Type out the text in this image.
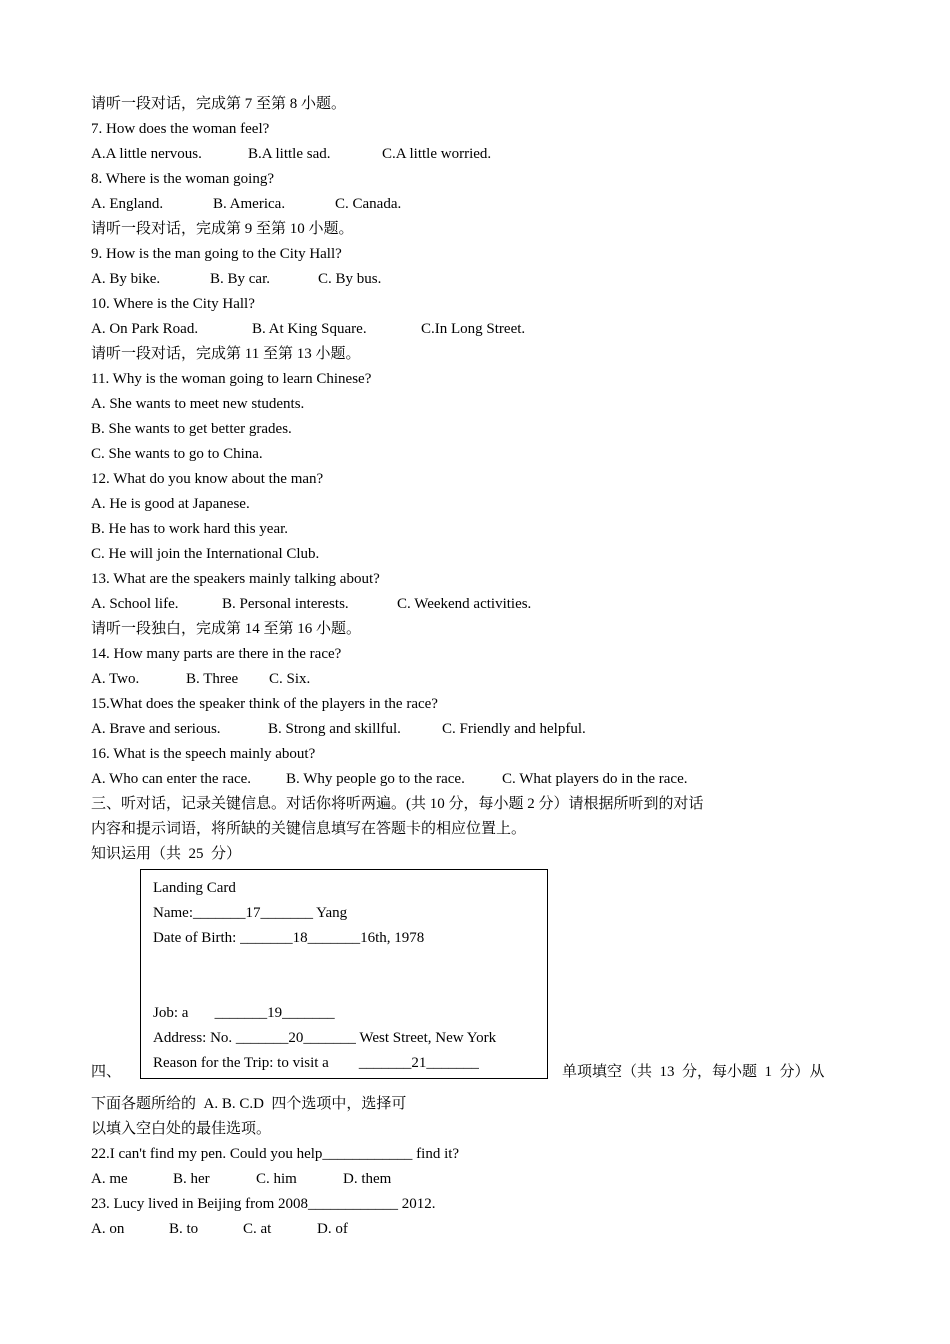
请听一段对话，完成第 7 至第 8 小题。
7. How does the woman feel?
A.A little nervous.	B.A little sad.	C.A little worried.
8. Where is the woman going?
A. England.	B. America.	C. Canada.
请听一段对话，完成第 9 至第 10 小题。
9. How is the man going to the City Hall?
A. By bike.	B. By car.	C. By bus.
10. Where is the City Hall?
A. On Park Road.	B. At King Square.	C.In Long Street.
请听一段对话，完成第 11 至第 13 小题。
11. Why is the woman going to learn Chinese?
A. She wants to meet new students.
B. She wants to get better grades.
C. She wants to go to China.
12. What do you know about the man?
A. He is good at Japanese.
B. He has to work hard this year.
C. He will join the International Club.
13. What are the speakers mainly talking about?
A. School life.	B. Personal interests.	C. Weekend activities.
请听一段独白，完成第 14 至第 16 小题。
14. How many parts are there in the race?
A. Two.	B. Three C. Six.
15.What does the speaker think of the players in the race?
A. Brave and serious.	B. Strong and skillful.	C. Friendly and helpful.
16. What is the speech mainly about?
A. Who can enter the race. B. Why people go to the race. C. What players do in the race.
三、听对话，记录关键信息。对话你将听两遍。(共 10 分，每小题 2 分）请根据所听到的对话
内容和提示词语，将所缺的关键信息填写在答题卡的相应位置上。
知识运用（共  25  分）
Landing Card
Name:_______17_______ Yang
Date of Birth: _______18_______16th, 1978
Job: a       _______19_______
Address: No. _______20_______ West Street, New York
Reason for the Trip: to visit a        _______21_______
四、	单项填空（共  13  分，每小题  1  分）从
下面各题所给的  A. B. C.D  四个选项中，选择可
以填入空白处的最佳选项。
22.I can't find my pen. Could you help____________ find it?
A. me	B. her	C. him	D. them
23. Lucy lived in Beijing from 2008____________ 2012.
A. on	B. to	C. at	D. of
